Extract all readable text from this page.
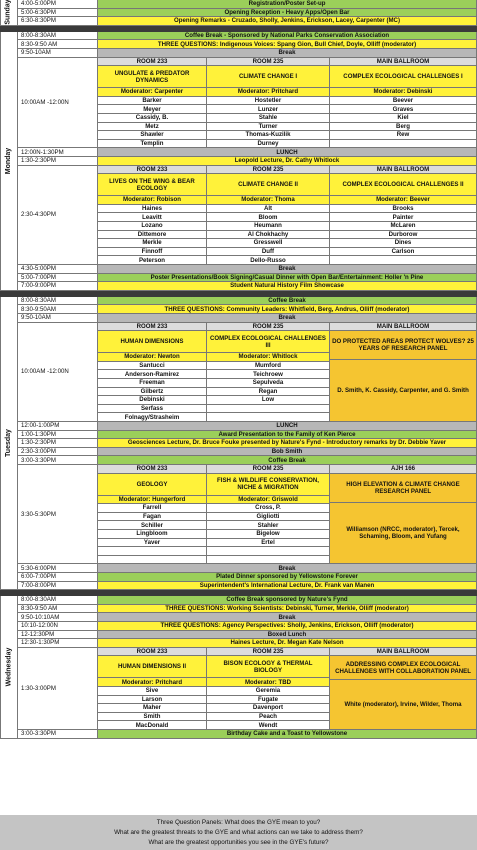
4:00-5:00PM	Registration/Poster Set-up
5:00-6:30PM	Opening Reception - Heavy Apps/Open Bar
6:30-8:30PM	Opening Remarks - Cruzado, Sholly, Jenkins, Erickson, Lacey, Carpenter (MC)
Sunday
8:00-8:30AM	Coffee Break - Sponsored by National Parks Conservation Association
8:30-9:50 AM	THREE QUESTIONS: Indigenous Voices: Spang Gion, Bull Chief, Doyle, Olliff (moderator)
9:50-10AM	Break
10:00AM -12:00N
ROOM 233	ROOM 235	MAIN BALLROOM
UNGULATE & PREDATOR DYNAMICS	CLIMATE CHANGE I	COMPLEX ECOLOGICAL CHALLENGES I
Moderator: Carpenter	Moderator: Pritchard	Moderator: Debinski
Barker	Hostetler	Beever
Meyer	Lunzer	Graves
Cassidy, B.	Stahle	Kiel
Metz	Turner	Berg
Shawler	Thomas-Kuzilik	Rew
Templin	Durney
12:00N-1:30PM	LUNCH
1:30-2:30PM	Leopold Lecture, Dr. Cathy Whitlock
2:30-4:30PM
ROOM 233	ROOM 235	MAIN BALLROOM
LIVES ON THE WING & BEAR ECOLOGY	CLIMATE CHANGE II	COMPLEX ECOLOGICAL CHALLENGES II
Moderator: Robison	Moderator: Thoma	Moderator: Beever
Haines	Alt	Brooks
Leavitt	Bloom	Painter
Lozano	Heumann	McLaren
Dittemore	Al Chokhachy	Durborow
Merkle	Gresswell	Dines
Finnoff	Duff	Carlson
Peterson	Dello-Russo
4:30-5:00PM	Break
5:00-7:00PM	Poster Presentations/Book Signing/Casual Dinner with Open Bar/Entertainment: Holler 'n Pine
7:00-9:00PM	Student Natural History Film Showcase
Monday
8:00-8:30AM	Coffee Break
8:30-9:50AM	THREE QUESTIONS: Community Leaders: Whitfield, Berg, Andrus, Olliff (moderator)
9:50-10AM	Break
10:00AM -12:00N
ROOM 233	ROOM 235	MAIN BALLROOM
HUMAN DIMENSIONS	COMPLEX ECOLOGICAL CHALLENGES III
Moderator: Newton	Moderator: Whitlock
Santucci	Mumford
Anderson-Ramirez	Teichroew
Freeman	Sepulveda
Gilbertz	Regan
Debinski	Low
Serfass
Folnagy/Strasheim
DO PROTECTED AREAS PROTECT WOLVES? 25 YEARS OF RESEARCH PANEL
D. Smith, K. Cassidy, Carpenter, and G. Smith
12:00-1:00PM	LUNCH
1:00-1:30PM	Award Presentation to the Family of Ken Pierce
1:30-2:30PM	Geosciences Lecture, Dr. Bruce Fouke presented by Nature's Fynd - Introductory remarks by Dr. Debbie Yaver
2:30-3:00PM	Bob Smith
3:00-3:30PM	Coffee Break
3:30-5:30PM
ROOM 233	ROOM 235	AJH 166
GEOLOGY	FISH & WILDLIFE CONSERVATION, NICHE & MIGRATION
Moderator: Hungerford	Moderator: Griswold
Farrell	Cross, P.
Fagan	Gigliotti
Schiller	Stahler
Lingbloom	Bigelow
Yaver	Ertel
HIGH ELEVATION & CLIMATE CHANGE RESEARCH PANEL
Williamson (NRCC, moderator), Tercek, Schaming, Bloom, and Yufang
5:30-6:00PM	Break
6:00-7:00PM	Plated Dinner sponsored by Yellowstone Forever
7:00-8:00PM	Superintendent's International Lecture, Dr. Frank van Manen
Tuesday
8:00-8:30AM	Coffee Break sponsored by Nature's Fynd
8:30-9:50 AM	THREE QUESTIONS: Working Scientists: Debinski, Turner, Merkle, Olliff (moderator)
9:50-10:10AM	Break
10:10-12:00N	THREE QUESTIONS: Agency Perspectives: Sholly, Jenkins, Erickson, Olliff (moderator)
12-12:30PM	Boxed Lunch
12:30-1:30PM	Haines Lecture, Dr. Megan Kate Nelson
1:30-3:00PM
ROOM 233	ROOM 235	MAIN BALLROOM
HUMAN DIMENSIONS II	BISON ECOLOGY & THERMAL BIOLOGY
Moderator: Pritchard	Moderator: TBD
Sive	Geremia
Larson	Fugate
Maher	Davenport
Smith	Peach
MacDonald	Wendt
ADDRESSING COMPLEX ECOLOGICAL CHALLENGES WITH COLLABORATION PANEL
White (moderator), Irvine, Wilder, Thoma
3:00-3:30PM	Birthday Cake and a Toast to Yellowstone
Wednesday
Three Question Panels: What does the GYE mean to you?
What are the greatest threats to the GYE and what actions can we take to address them?
What are the greatest opportunities you see in the GYE's future?
